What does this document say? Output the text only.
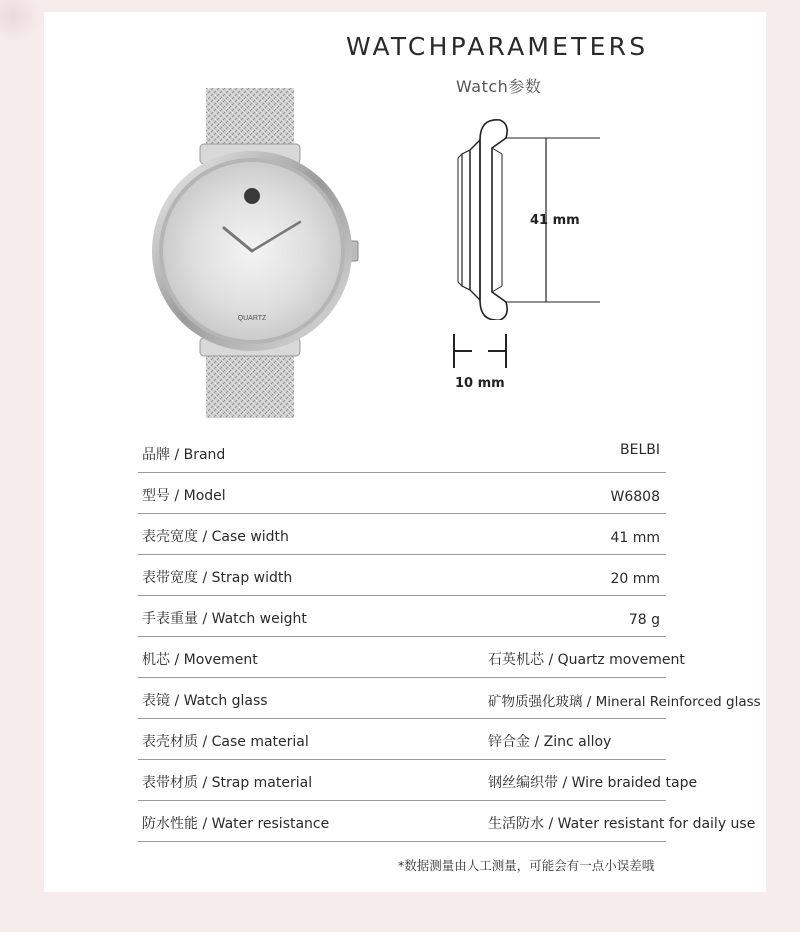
WATCHPARAMETERS
Watch参数
QUARTZ
41 mm
10 mm
品牌 / Brand	BELBI
型号 / Model	W6808
表壳宽度 / Case width	41 mm
表带宽度 / Strap width	20 mm
手表重量 / Watch weight	78 g
机芯 / Movement	石英机芯 / Quartz movement
表镜 / Watch glass	矿物质强化玻璃 / Mineral Reinforced glass
表壳材质 / Case material	锌合金 / Zinc alloy
表带材质 / Strap material	钢丝编织带 / Wire braided tape
防水性能 / Water resistance	生活防水 / Water resistant for daily use
*数据测量由人工测量，可能会有一点小误差哦
